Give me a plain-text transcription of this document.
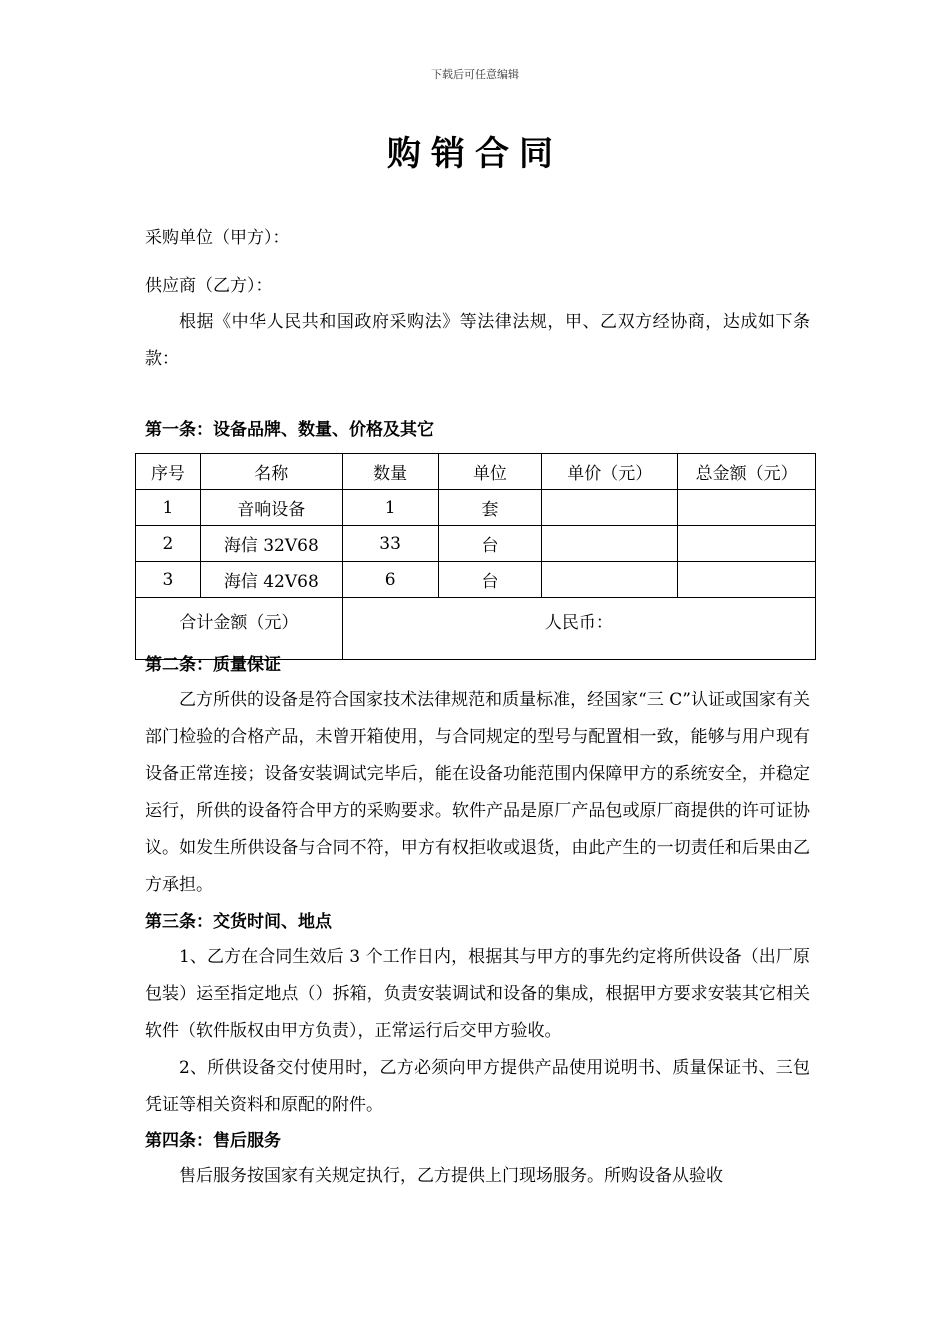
下载后可任意编辑
购销合同
采购单位（甲方）：
供应商（乙方）：
根据《中华人民共和国政府采购法》等法律法规，甲、乙双方经协商，达成如下条款：
第一条：设备品牌、数量、价格及其它
序号	名称	数量	单位	单价（元）	总金额（元）
1	音响设备	1	套		
2	海信 32V68	33	台		
3	海信 42V68	6	台		
合计金额（元）		人民币：			
第二条：质量保证
乙方所供的设备是符合国家技术法律规范和质量标准，经国家“三 C”认证或国家有关部门检验的合格产品，未曾开箱使用，与合同规定的型号与配置相一致，能够与用户现有设备正常连接；设备安装调试完毕后，能在设备功能范围内保障甲方的系统安全，并稳定运行，所供的设备符合甲方的采购要求。软件产品是原厂产品包或原厂商提供的许可证协议。如发生所供设备与合同不符，甲方有权拒收或退货，由此产生的一切责任和后果由乙方承担。
第三条：交货时间、地点
1、乙方在合同生效后 3 个工作日内，根据其与甲方的事先约定将所供设备（出厂原包装）运至指定地点（）拆箱，负责安装调试和设备的集成，根据甲方要求安装其它相关软件（软件版权由甲方负责），正常运行后交甲方验收。
2、所供设备交付使用时，乙方必须向甲方提供产品使用说明书、质量保证书、三包凭证等相关资料和原配的附件。
第四条：售后服务
售后服务按国家有关规定执行，乙方提供上门现场服务。所购设备从验收
